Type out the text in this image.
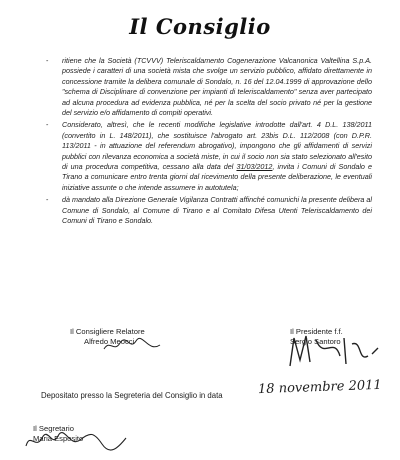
Il Consiglio
- ritiene che la Società (TCVVV) Teleriscaldamento Cogenerazione Valcanonica Valtellina S.p.A. possiede i caratteri di una società mista che svolge un servizio pubblico, affidato direttamente in concessione tramite la delibera comunale di Sondalo, n. 16 del 12.04.1999 di approvazione dello "schema di Disciplinare di convenzione per impianti di teleriscaldamento" senza aver partecipato ad alcuna procedura ad evidenza pubblica, né per la scelta del socio privato né per la gestione del servizio e/o affidamento di compiti operativi.
- Considerato, altresì, che le recenti modifiche legislative introdotte dall'art. 4 D.L. 138/2011 (convertito in L. 148/2011), che sostituisce l'abrogato art. 23bis D.L. 112/2008 (con D.P.R. 113/2011 - in attuazione del referendum abrogativo), impongono che gli affidamenti di servizi pubblici con rilevanza economica a società miste, in cui il socio non sia stato selezionato all'esito di una procedura competitiva, cessano alla data del 31/03/2012, invita i Comuni di Sondalo e Tirano a comunicare entro trenta giorni dal ricevimento della presente deliberazione, le eventuali iniziative assunte o che intende assumere in autotutela;
- dà mandato alla Direzione Generale Vigilanza Contratti affinché comunichi la presente delibera al Comune di Sondalo, al Comune di Tirano e al Comitato Difesa Utenti Teleriscaldamento dei Comuni di Tirano e Sondalo.
Il Consigliere Relatore
Alfredo Meocci
Il Presidente f.f.
Sergio Santoro
Depositato presso la Segreteria del Consiglio in data	18 novembre 2011
Il Segretario
Maria Esposito
